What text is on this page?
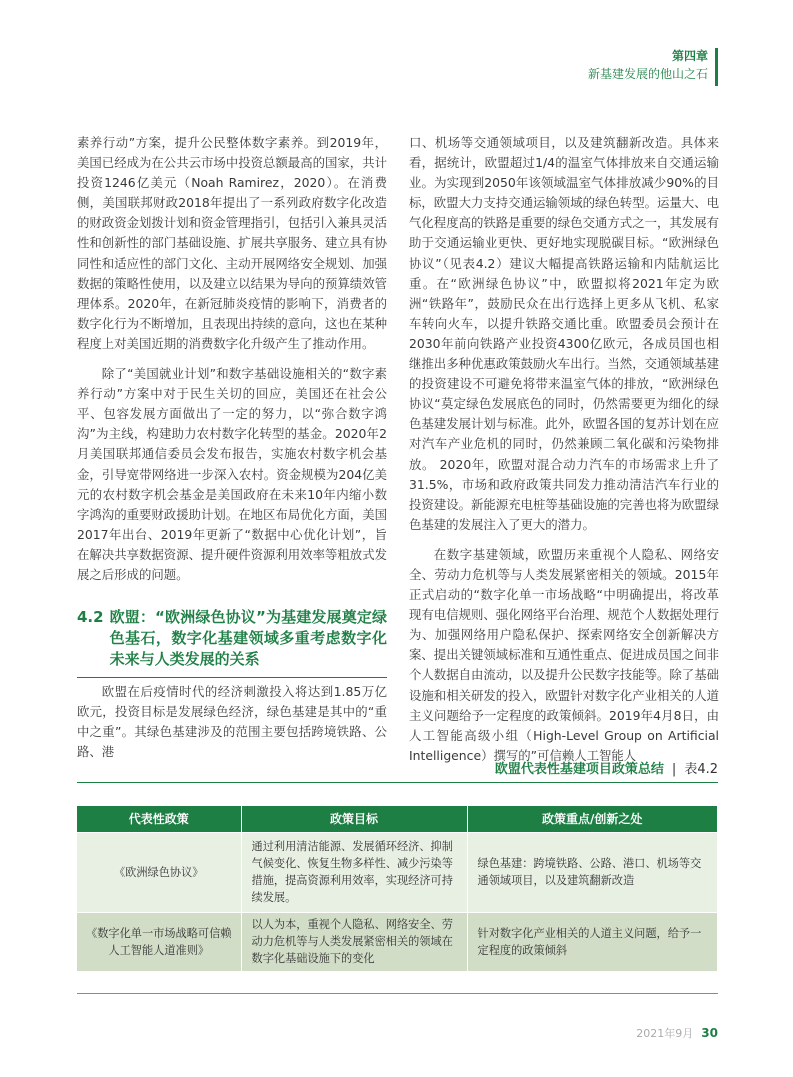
第四章
新基建发展的他山之石

素养行动”方案，提升公民整体数字素养。到2019年，美国已经成为在公共云市场中投资总额最高的国家，共计投资1246亿美元（Noah Ramirez，2020）。在消费侧，美国联邦财政2018年提出了一系列政府数字化改造的财政资金划拨计划和资金管理指引，包括引入兼具灵活性和创新性的部门基础设施、扩展共享服务、建立具有协同性和适应性的部门文化、主动开展网络安全规划、加强数据的策略性使用，以及建立以结果为导向的预算绩效管理体系。2020年，在新冠肺炎疫情的影响下，消费者的数字化行为不断增加，且表现出持续的意向，这也在某种程度上对美国近期的消费数字化升级产生了推动作用。

除了“美国就业计划”和数字基础设施相关的“数字素养行动”方案中对于民生关切的回应，美国还在社会公平、包容发展方面做出了一定的努力，以“弥合数字鸿沟”为主线，构建助力农村数字化转型的基金。2020年2月美国联邦通信委员会发布报告，实施农村数字机会基金，引导宽带网络进一步深入农村。资金规模为204亿美元的农村数字机会基金是美国政府在未来10年内缩小数字鸿沟的重要财政援助计划。在地区布局优化方面，美国2017年出台、2019年更新了“数据中心优化计划”，旨在解决共享数据资源、提升硬件资源利用效率等粗放式发展之后形成的问题。

4.2 欧盟：“欧洲绿色协议”为基建发展奠定绿色基石，数字化基建领域多重考虑数字化未来与人类发展的关系

欧盟在后疫情时代的经济刺激投入将达到1.85万亿欧元，投资目标是发展绿色经济，绿色基建是其中的“重中之重”。其绿色基建涉及的范围主要包括跨境铁路、公路、港

口、机场等交通领域项目，以及建筑翻新改造。具体来看，据统计，欧盟超过1/4的温室气体排放来自交通运输业。为实现到2050年该领域温室气体排放减少90%的目标，欧盟大力支持交通运输领域的绿色转型。运量大、电气化程度高的铁路是重要的绿色交通方式之一，其发展有助于交通运输业更快、更好地实现脱碳目标。“欧洲绿色协议”（见表4.2）建议大幅提高铁路运输和内陆航运比重。在“欧洲绿色协议”中，欧盟拟将2021年定为欧洲“铁路年”，鼓励民众在出行选择上更多从飞机、私家车转向火车，以提升铁路交通比重。欧盟委员会预计在2030年前向铁路产业投资4300亿欧元，各成员国也相继推出多种优惠政策鼓励火车出行。当然，交通领域基建的投资建设不可避免将带来温室气体的排放，“欧洲绿色协议“莫定绿色发展底色的同时，仍然需要更为细化的绿色基建发展计划与标准。此外，欧盟各国的复苏计划在应对汽车产业危机的同时，仍然兼顾二氧化碳和污染物排放。 2020年，欧盟对混合动力汽车的市场需求上升了31.5%，市场和政府政策共同发力推动清洁汽车行业的投资建设。新能源充电桩等基础设施的完善也将为欧盟绿色基建的发展注入了更大的潜力。

在数字基建领域，欧盟历来重视个人隐私、网络安全、劳动力危机等与人类发展紧密相关的领域。2015年正式启动的“数字化单一市场战略“中明确提出，将改革现有电信规则、强化网络平台治理、规范个人数据处理行为、加强网络用户隐私保护、探索网络安全创新解决方案、提出关键领域标准和互通性重点、促进成员国之间非个人数据自由流动，以及提升公民数字技能等。除了基础设施和相关研发的投入，欧盟针对数字化产业相关的人道主义问题给予一定程度的政策倾斜。2019年4月8日，由人工智能高级小组（High-Level Group on Artificial Intelligence）撰写的”可信赖人工智能人

欧盟代表性基建项目政策总结 | 表4.2
代表性政策	政策目标	政策重点/创新之处
《欧洲绿色协议》	通过利用清洁能源、发展循环经济、抑制气候变化、恢复生物多样性、减少污染等措施，提高资源利用效率，实现经济可持续发展。	绿色基建：跨境铁路、公路、港口、机场等交通领域项目，以及建筑翻新改造
《数字化单一市场战略可信赖人工智能人道准则》	以人为本，重视个人隐私、网络安全、劳动力危机等与人类发展紧密相关的领域在数字化基础设施下的变化	针对数字化产业相关的人道主义问题，给予一定程度的政策倾斜
2021年9月 30
